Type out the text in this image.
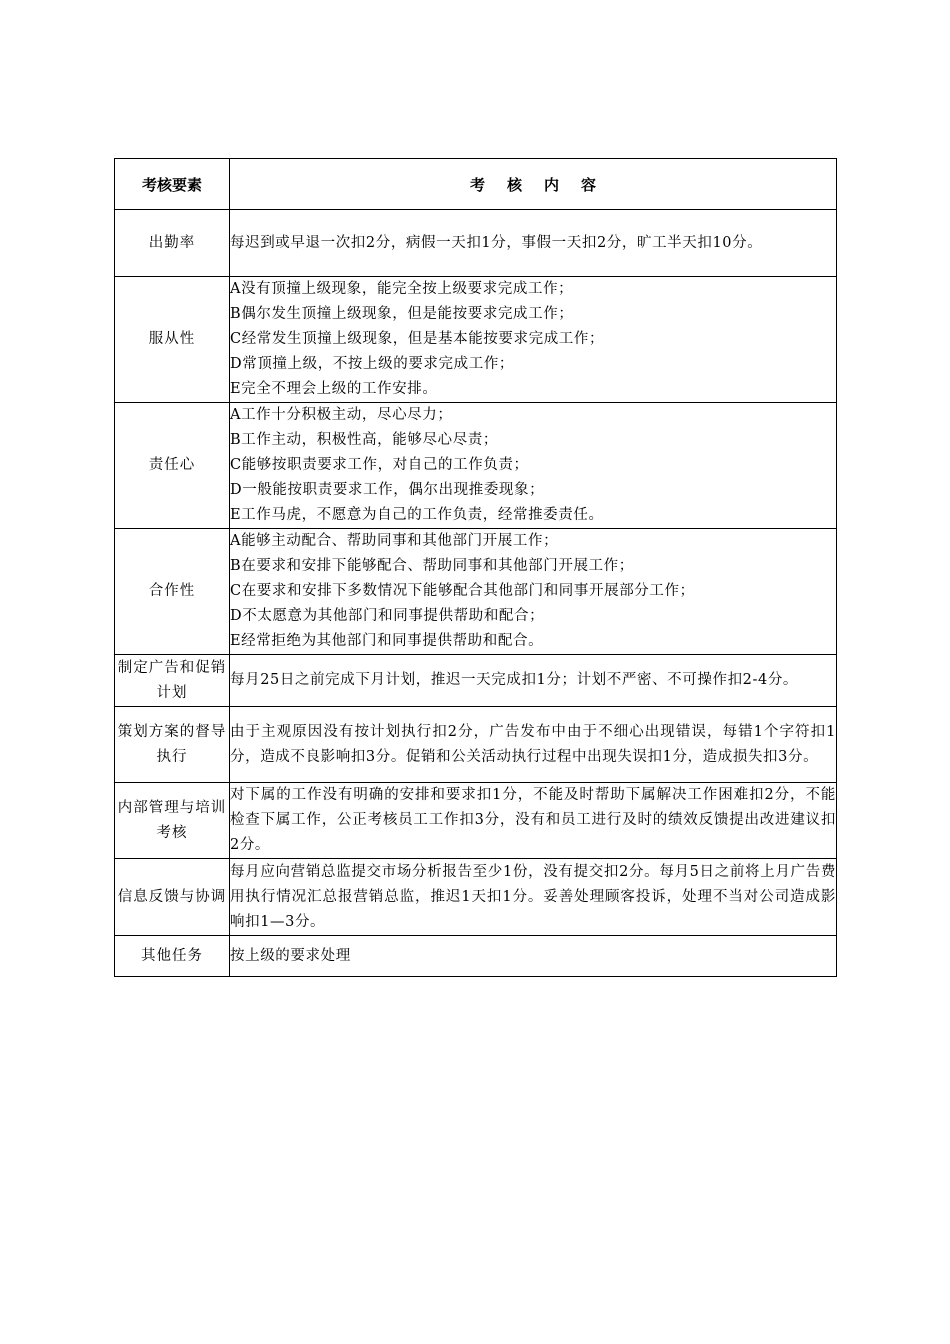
考核要素	考核内容
出勤率	每迟到或早退一次扣2分，病假一天扣1分，事假一天扣2分，旷工半天扣10分。

服从性	A没有顶撞上级现象，能完全按上级要求完成工作；
B偶尔发生顶撞上级现象，但是能按要求完成工作；
C经常发生顶撞上级现象，但是基本能按要求完成工作；
D常顶撞上级，不按上级的要求完成工作；
E完全不理会上级的工作安排。

责任心	A工作十分积极主动，尽心尽力；
B工作主动，积极性高，能够尽心尽责；
C能够按职责要求工作，对自己的工作负责；
D一般能按职责要求工作，偶尔出现推委现象；
E工作马虎，不愿意为自己的工作负责，经常推委责任。

合作性	A能够主动配合、帮助同事和其他部门开展工作；
B在要求和安排下能够配合、帮助同事和其他部门开展工作；
C在要求和安排下多数情况下能够配合其他部门和同事开展部分工作；
D不太愿意为其他部门和同事提供帮助和配合；
E经常拒绝为其他部门和同事提供帮助和配合。

制定广告和促销计划	每月25日之前完成下月计划，推迟一天完成扣1分；计划不严密、不可操作扣2-4分。

策划方案的督导执行	由于主观原因没有按计划执行扣2分，广告发布中由于不细心出现错误，每错1个字符扣1分，造成不良影响扣3分。促销和公关活动执行过程中出现失误扣1分，造成损失扣3分。

内部管理与培训考核	对下属的工作没有明确的安排和要求扣1分，不能及时帮助下属解决工作困难扣2分，不能检查下属工作，公正考核员工工作扣3分，没有和员工进行及时的绩效反馈提出改进建议扣2分。

信息反馈与协调	每月应向营销总监提交市场分析报告至少1份，没有提交扣2分。每月5日之前将上月广告费用执行情况汇总报营销总监，推迟1天扣1分。妥善处理顾客投诉，处理不当对公司造成影响扣1—3分。

其他任务	按上级的要求处理
